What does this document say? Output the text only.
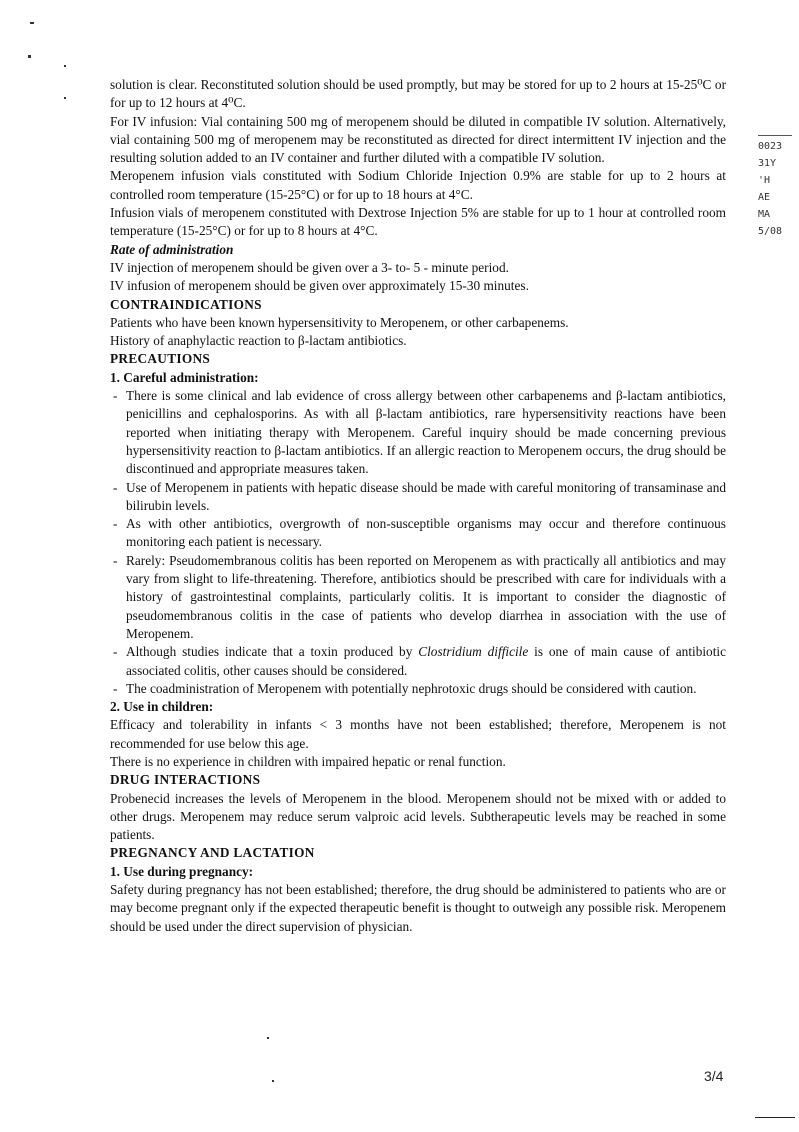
0023
31Y
'H
AE
MA
5/08

solution is clear. Reconstituted solution should be used promptly, but may be stored for up to 2 hours at 15-25⁰C or for up to 12 hours at 4⁰C.

For IV infusion: Vial containing 500 mg of meropenem should be diluted in compatible IV solution. Alternatively, vial containing 500 mg of meropenem may be reconstituted as directed for direct intermittent IV injection and the resulting solution added to an IV container and further diluted with a compatible IV solution.

Meropenem infusion vials constituted with Sodium Chloride Injection 0.9% are stable for up to 2 hours at controlled room temperature (15-25°C) or for up to 18 hours at 4°C.

Infusion vials of meropenem constituted with Dextrose Injection 5% are stable for up to 1 hour at controlled room temperature (15-25°C) or for up to 8 hours at 4°C.

Rate of administration

IV injection of meropenem should be given over a 3- to- 5 - minute period.

IV infusion of meropenem should be given over approximately 15-30 minutes.

CONTRAINDICATIONS

Patients who have been known hypersensitivity to Meropenem, or other carbapenems.

History of anaphylactic reaction to β-lactam antibiotics.

PRECAUTIONS

1. Careful administration:

- There is some clinical and lab evidence of cross allergy between other carbapenems and β-lactam antibiotics, penicillins and cephalosporins. As with all β-lactam antibiotics, rare hypersensitivity reactions have been reported when initiating therapy with Meropenem. Careful inquiry should be made concerning previous hypersensitivity reaction to β-lactam antibiotics. If an allergic reaction to Meropenem occurs, the drug should be discontinued and appropriate measures taken.
- Use of Meropenem in patients with hepatic disease should be made with careful monitoring of transaminase and bilirubin levels.
- As with other antibiotics, overgrowth of non-susceptible organisms may occur and therefore continuous monitoring each patient is necessary.
- Rarely: Pseudomembranous colitis has been reported on Meropenem as with practically all antibiotics and may vary from slight to life-threatening. Therefore, antibiotics should be prescribed with care for individuals with a history of gastrointestinal complaints, particularly colitis. It is important to consider the diagnostic of pseudomembranous colitis in the case of patients who develop diarrhea in association with the use of Meropenem.
- Although studies indicate that a toxin produced by Clostridium difficile is one of main cause of antibiotic associated colitis, other causes should be considered.
- The coadministration of Meropenem with potentially nephrotoxic drugs should be considered with caution.

2. Use in children:

Efficacy and tolerability in infants < 3 months have not been established; therefore, Meropenem is not recommended for use below this age.

There is no experience in children with impaired hepatic or renal function.

DRUG INTERACTIONS

Probenecid increases the levels of Meropenem in the blood. Meropenem should not be mixed with or added to other drugs. Meropenem may reduce serum valproic acid levels. Subtherapeutic levels may be reached in some patients.

PREGNANCY AND LACTATION

1. Use during pregnancy:

Safety during pregnancy has not been established; therefore, the drug should be administered to patients who are or may become pregnant only if the expected therapeutic benefit is thought to outweigh any possible risk. Meropenem should be used under the direct supervision of physician.

3/4
